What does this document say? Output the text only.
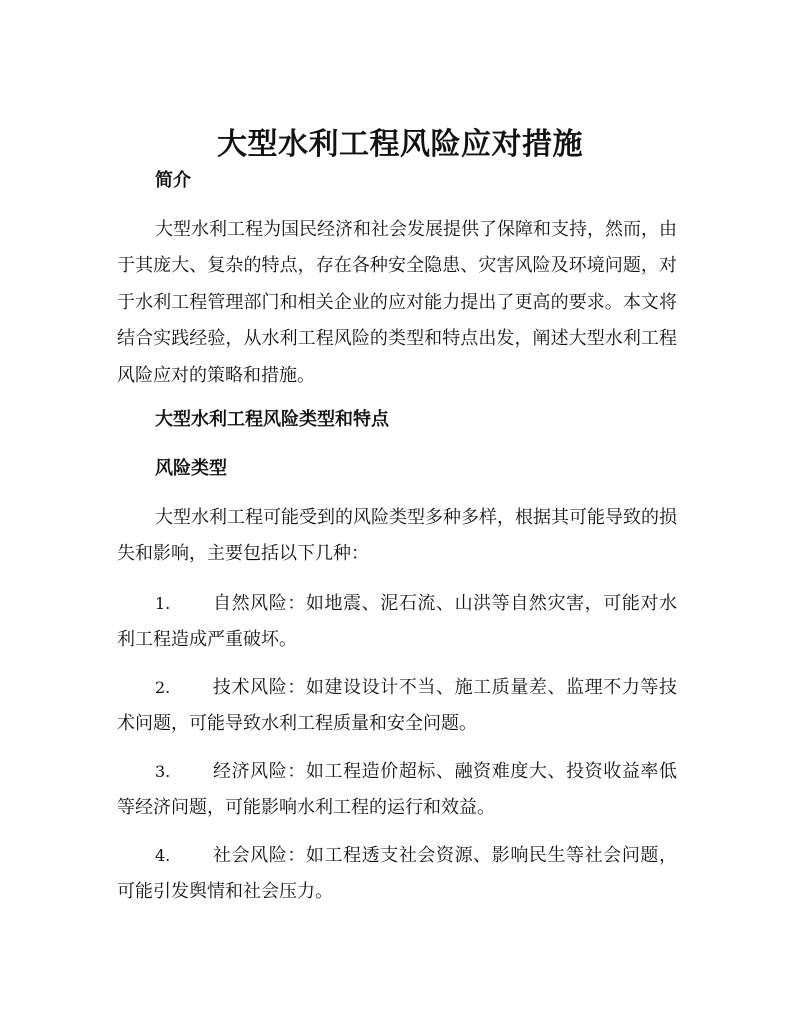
大型水利工程风险应对措施
简介
大型水利工程为国民经济和社会发展提供了保障和支持，然而，由于其庞大、复杂的特点，存在各种安全隐患、灾害风险及环境问题，对于水利工程管理部门和相关企业的应对能力提出了更高的要求。本文将结合实践经验，从水利工程风险的类型和特点出发，阐述大型水利工程风险应对的策略和措施。
大型水利工程风险类型和特点
风险类型
大型水利工程可能受到的风险类型多种多样，根据其可能导致的损失和影响，主要包括以下几种：
1.	自然风险：如地震、泥石流、山洪等自然灾害，可能对水利工程造成严重破坏。
2.	技术风险：如建设设计不当、施工质量差、监理不力等技术问题，可能导致水利工程质量和安全问题。
3.	经济风险：如工程造价超标、融资难度大、投资收益率低等经济问题，可能影响水利工程的运行和效益。
4.	社会风险：如工程透支社会资源、影响民生等社会问题，可能引发舆情和社会压力。
